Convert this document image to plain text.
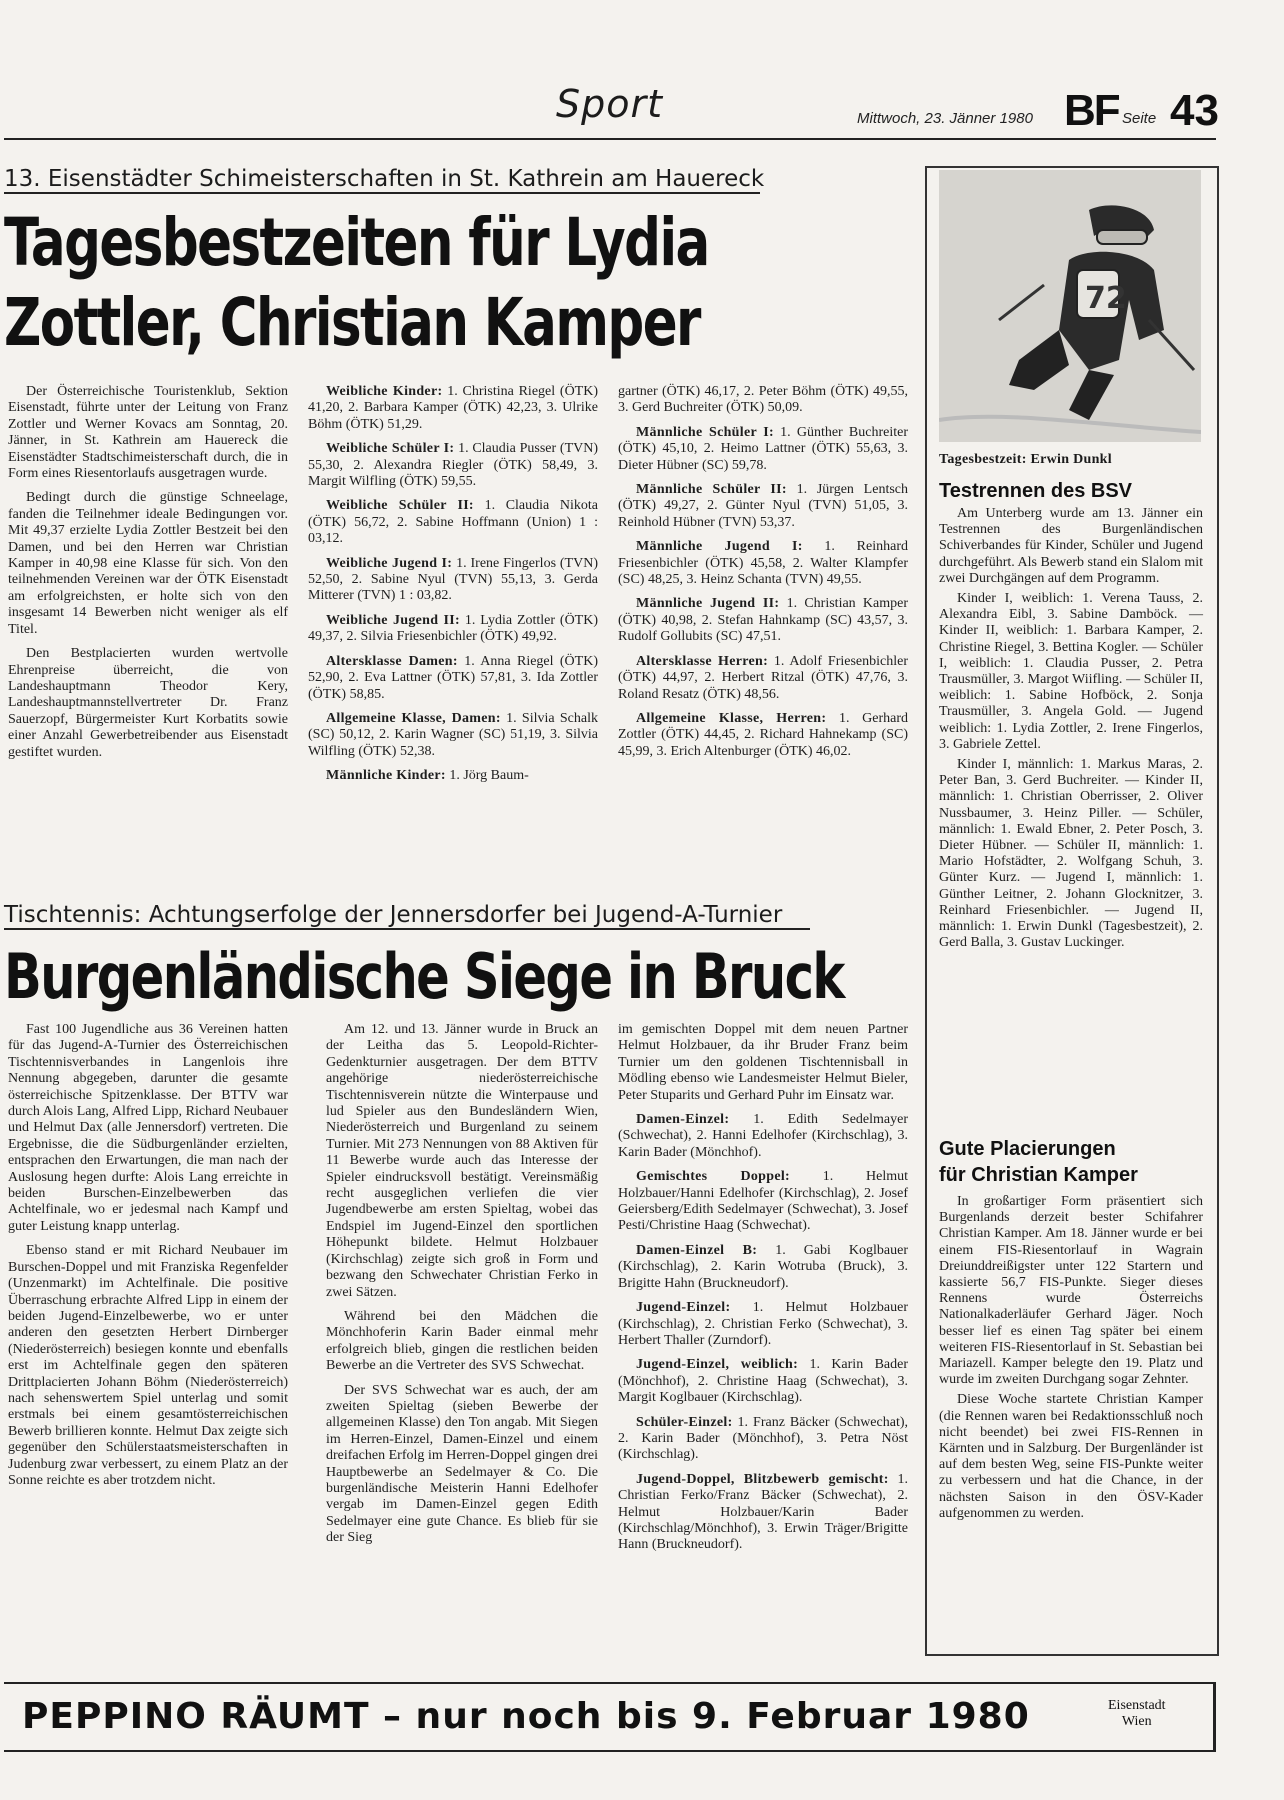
Sport	Mittwoch, 23. Jänner 1980 BF Seite 43
13. Eisenstädter Schimeisterschaften in St. Kathrein am Hauereck
Tagesbestzeiten für Lydia
Zottler, Christian Kamper

Der Österreichische Touristenklub, Sektion Eisenstadt, führte unter der Leitung von Franz Zottler und Werner Kovacs am Sonntag, 20. Jänner, in St. Kathrein am Hauereck die Eisenstädter Stadtschimeisterschaft durch, die in Form eines Riesentorlaufs ausgetragen wurde.

Bedingt durch die günstige Schneelage, fanden die Teilnehmer ideale Bedingungen vor. Mit 49,37 erzielte Lydia Zottler Bestzeit bei den Damen, und bei den Herren war Christian Kamper in 40,98 eine Klasse für sich. Von den teilnehmenden Vereinen war der ÖTK Eisenstadt am erfolgreichsten, er holte sich von den insgesamt 14 Bewerben nicht weniger als elf Titel.

Den Bestplacierten wurden wertvolle Ehrenpreise überreicht, die von Landeshauptmann Theodor Kery, Landeshauptmannstellvertreter Dr. Franz Sauerzopf, Bürgermeister Kurt Korbatits sowie einer Anzahl Gewerbetreibender aus Eisenstadt gestiftet wurden.

Weibliche Kinder: 1. Christina Riegel (ÖTK) 41,20, 2. Barbara Kamper (ÖTK) 42,23, 3. Ulrike Böhm (ÖTK) 51,29.

Weibliche Schüler I: 1. Claudia Pusser (TVN) 55,30, 2. Alexandra Riegler (ÖTK) 58,49, 3. Margit Wilfling (ÖTK) 59,55.

Weibliche Schüler II: 1. Claudia Nikota (ÖTK) 56,72, 2. Sabine Hoffmann (Union) 1 : 03,12.

Weibliche Jugend I: 1. Irene Fingerlos (TVN) 52,50, 2. Sabine Nyul (TVN) 55,13, 3. Gerda Mitterer (TVN) 1 : 03,82.

Weibliche Jugend II: 1. Lydia Zottler (ÖTK) 49,37, 2. Silvia Friesenbichler (ÖTK) 49,92.

Altersklasse Damen: 1. Anna Riegel (ÖTK) 52,90, 2. Eva Lattner (ÖTK) 57,81, 3. Ida Zottler (ÖTK) 58,85.

Allgemeine Klasse, Damen: 1. Silvia Schalk (SC) 50,12, 2. Karin Wagner (SC) 51,19, 3. Silvia Wilfling (ÖTK) 52,38.

Männliche Kinder: 1. Jörg Baum-

gartner (ÖTK) 46,17, 2. Peter Böhm (ÖTK) 49,55, 3. Gerd Buchreiter (ÖTK) 50,09.

Männliche Schüler I: 1. Günther Buchreiter (ÖTK) 45,10, 2. Heimo Lattner (ÖTK) 55,63, 3. Dieter Hübner (SC) 59,78.

Männliche Schüler II: 1. Jürgen Lentsch (ÖTK) 49,27, 2. Günter Nyul (TVN) 51,05, 3. Reinhold Hübner (TVN) 53,37.

Männliche Jugend I: 1. Reinhard Friesenbichler (ÖTK) 45,58, 2. Walter Klampfer (SC) 48,25, 3. Heinz Schanta (TVN) 49,55.

Männliche Jugend II: 1. Christian Kamper (ÖTK) 40,98, 2. Stefan Hahnkamp (SC) 43,57, 3. Rudolf Gollubits (SC) 47,51.

Altersklasse Herren: 1. Adolf Friesenbichler (ÖTK) 44,97, 2. Herbert Ritzal (ÖTK) 47,76, 3. Roland Resatz (ÖTK) 48,56.

Allgemeine Klasse, Herren: 1. Gerhard Zottler (ÖTK) 44,45, 2. Richard Hahnekamp (SC) 45,99, 3. Erich Altenburger (ÖTK) 46,02.

Tischtennis: Achtungserfolge der Jennersdorfer bei Jugend-A-Turnier
Burgenländische Siege in Bruck

Fast 100 Jugendliche aus 36 Vereinen hatten für das Jugend-A-Turnier des Österreichischen Tischtennisverbandes in Langenlois ihre Nennung abgegeben, darunter die gesamte österreichische Spitzenklasse. Der BTTV war durch Alois Lang, Alfred Lipp, Richard Neubauer und Helmut Dax (alle Jennersdorf) vertreten. Die Ergebnisse, die die Südburgenländer erzielten, entsprachen den Erwartungen, die man nach der Auslosung hegen durfte: Alois Lang erreichte in beiden Burschen-Einzelbewerben das Achtelfinale, wo er jedesmal nach Kampf und guter Leistung knapp unterlag.

Ebenso stand er mit Richard Neubauer im Burschen-Doppel und mit Franziska Regenfelder (Unzenmarkt) im Achtelfinale. Die positive Überraschung erbrachte Alfred Lipp in einem der beiden Jugend-Einzelbewerbe, wo er unter anderen den gesetzten Herbert Dirnberger (Niederösterreich) besiegen konnte und ebenfalls erst im Achtelfinale gegen den späteren Drittplacierten Johann Böhm (Niederösterreich) nach sehenswertem Spiel unterlag und somit erstmals bei einem gesamtösterreichischen Bewerb brillieren konnte. Helmut Dax zeigte sich gegenüber den Schülerstaatsmeisterschaften in Judenburg zwar verbessert, zu einem Platz an der Sonne reichte es aber trotzdem nicht.

Am 12. und 13. Jänner wurde in Bruck an der Leitha das 5. Leopold-Richter-Gedenkturnier ausgetragen. Der dem BTTV angehörige niederösterreichische Tischtennisverein nützte die Winterpause und lud Spieler aus den Bundesländern Wien, Niederösterreich und Burgenland zu seinem Turnier. Mit 273 Nennungen von 88 Aktiven für 11 Bewerbe wurde auch das Interesse der Spieler eindrucksvoll bestätigt. Vereinsmäßig recht ausgeglichen verliefen die vier Jugendbewerbe am ersten Spieltag, wobei das Endspiel im Jugend-Einzel den sportlichen Höhepunkt bildete. Helmut Holzbauer (Kirchschlag) zeigte sich groß in Form und bezwang den Schwechater Christian Ferko in zwei Sätzen.

Während bei den Mädchen die Mönchhoferin Karin Bader einmal mehr erfolgreich blieb, gingen die restlichen beiden Bewerbe an die Vertreter des SVS Schwechat.

Der SVS Schwechat war es auch, der am zweiten Spieltag (sieben Bewerbe der allgemeinen Klasse) den Ton angab. Mit Siegen im Herren-Einzel, Damen-Einzel und einem dreifachen Erfolg im Herren-Doppel gingen drei Hauptbewerbe an Sedelmayer & Co. Die burgenländische Meisterin Hanni Edelhofer vergab im Damen-Einzel gegen Edith Sedelmayer eine gute Chance. Es blieb für sie der Sieg

im gemischten Doppel mit dem neuen Partner Helmut Holzbauer, da ihr Bruder Franz beim Turnier um den goldenen Tischtennisball in Mödling ebenso wie Landesmeister Helmut Bieler, Peter Stuparits und Gerhard Puhr im Einsatz war.

Damen-Einzel: 1. Edith Sedelmayer (Schwechat), 2. Hanni Edelhofer (Kirchschlag), 3. Karin Bader (Mönchhof).

Gemischtes Doppel: 1. Helmut Holzbauer/Hanni Edelhofer (Kirchschlag), 2. Josef Geiersberg/Edith Sedelmayer (Schwechat), 3. Josef Pesti/Christine Haag (Schwechat).

Damen-Einzel B: 1. Gabi Koglbauer (Kirchschlag), 2. Karin Wotruba (Bruck), 3. Brigitte Hahn (Bruckneudorf).

Jugend-Einzel: 1. Helmut Holzbauer (Kirchschlag), 2. Christian Ferko (Schwechat), 3. Herbert Thaller (Zurndorf).

Jugend-Einzel, weiblich: 1. Karin Bader (Mönchhof), 2. Christine Haag (Schwechat), 3. Margit Koglbauer (Kirchschlag).

Schüler-Einzel: 1. Franz Bäcker (Schwechat), 2. Karin Bader (Mönchhof), 3. Petra Nöst (Kirchschlag).

Jugend-Doppel, Blitzbewerb gemischt: 1. Christian Ferko/Franz Bäcker (Schwechat), 2. Helmut Holzbauer/Karin Bader (Kirchschlag/Mönchhof), 3. Erwin Träger/Brigitte Hann (Bruckneudorf).

72
Tagesbestzeit: Erwin Dunkl
Testrennen des BSV

Am Unterberg wurde am 13. Jänner ein Testrennen des Burgenländischen Schiverbandes für Kinder, Schüler und Jugend durchgeführt. Als Bewerb stand ein Slalom mit zwei Durchgängen auf dem Programm.

Kinder I, weiblich: 1. Verena Tauss, 2. Alexandra Eibl, 3. Sabine Damböck. — Kinder II, weiblich: 1. Barbara Kamper, 2. Christine Riegel, 3. Bettina Kogler. — Schüler I, weiblich: 1. Claudia Pusser, 2. Petra Trausmüller, 3. Margot Wiifling. — Schüler II, weiblich: 1. Sabine Hofböck, 2. Sonja Trausmüller, 3. Angela Gold. — Jugend weiblich: 1. Lydia Zottler, 2. Irene Fingerlos, 3. Gabriele Zettel.

Kinder I, männlich: 1. Markus Maras, 2. Peter Ban, 3. Gerd Buchreiter. — Kinder II, männlich: 1. Christian Oberrisser, 2. Oliver Nussbaumer, 3. Heinz Piller. — Schüler, männlich: 1. Ewald Ebner, 2. Peter Posch, 3. Dieter Hübner. — Schüler II, männlich: 1. Mario Hofstädter, 2. Wolfgang Schuh, 3. Günter Kurz. — Jugend I, männlich: 1. Günther Leitner, 2. Johann Glocknitzer, 3. Reinhard Friesenbichler. — Jugend II, männlich: 1. Erwin Dunkl (Tagesbestzeit), 2. Gerd Balla, 3. Gustav Luckinger.

Gute Placierungen
für Christian Kamper

In großartiger Form präsentiert sich Burgenlands derzeit bester Schifahrer Christian Kamper. Am 18. Jänner wurde er bei einem FIS-Riesentorlauf in Wagrain Dreiunddreißigster unter 122 Startern und kassierte 56,7 FIS-Punkte. Sieger dieses Rennens wurde Österreichs Nationalkaderläufer Gerhard Jäger. Noch besser lief es einen Tag später bei einem weiteren FIS-Riesentorlauf in St. Sebastian bei Mariazell. Kamper belegte den 19. Platz und wurde im zweiten Durchgang sogar Zehnter.

Diese Woche startete Christian Kamper (die Rennen waren bei Redaktionsschluß noch nicht beendet) bei zwei FIS-Rennen in Kärnten und in Salzburg. Der Burgenländer ist auf dem besten Weg, seine FIS-Punkte weiter zu verbessern und hat die Chance, in der nächsten Saison in den ÖSV-Kader aufgenommen zu werden.

PEPPINO RÄUMT – nur noch bis 9. Februar 1980	Eisenstadt
Wien
